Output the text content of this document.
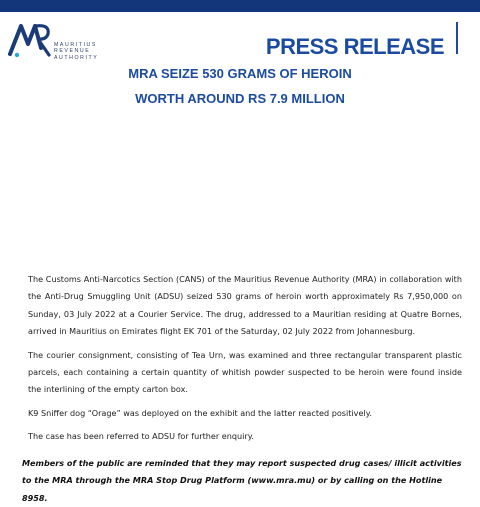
MAURITIUS
REVENUE
AUTHORITY	PRESS RELEASE
MRA SEIZE 530 GRAMS OF HEROIN
WORTH AROUND RS 7.9 MILLION

The Customs Anti-Narcotics Section (CANS) of the Mauritius Revenue Authority (MRA) in collaboration with the Anti-Drug Smuggling Unit (ADSU) seized 530 grams of heroin worth approximately Rs 7,950,000 on Sunday, 03 July 2022 at a Courier Service. The drug, addressed to a Mauritian residing at Quatre Bornes, arrived in Mauritius on Emirates flight EK 701 of the Saturday, 02 July 2022 from Johannesburg.

The courier consignment, consisting of Tea Urn, was examined and three rectangular transparent plastic parcels, each containing a certain quantity of whitish powder suspected to be heroin were found inside the interlining of the empty carton box.

K9 Sniffer dog “Orage” was deployed on the exhibit and the latter reacted positively.

The case has been referred to ADSU for further enquiry.

Members of the public are reminded that they may report suspected drug cases/ illicit activities to the MRA through the MRA Stop Drug Platform (www.mra.mu) or by calling on the Hotline 8958.
